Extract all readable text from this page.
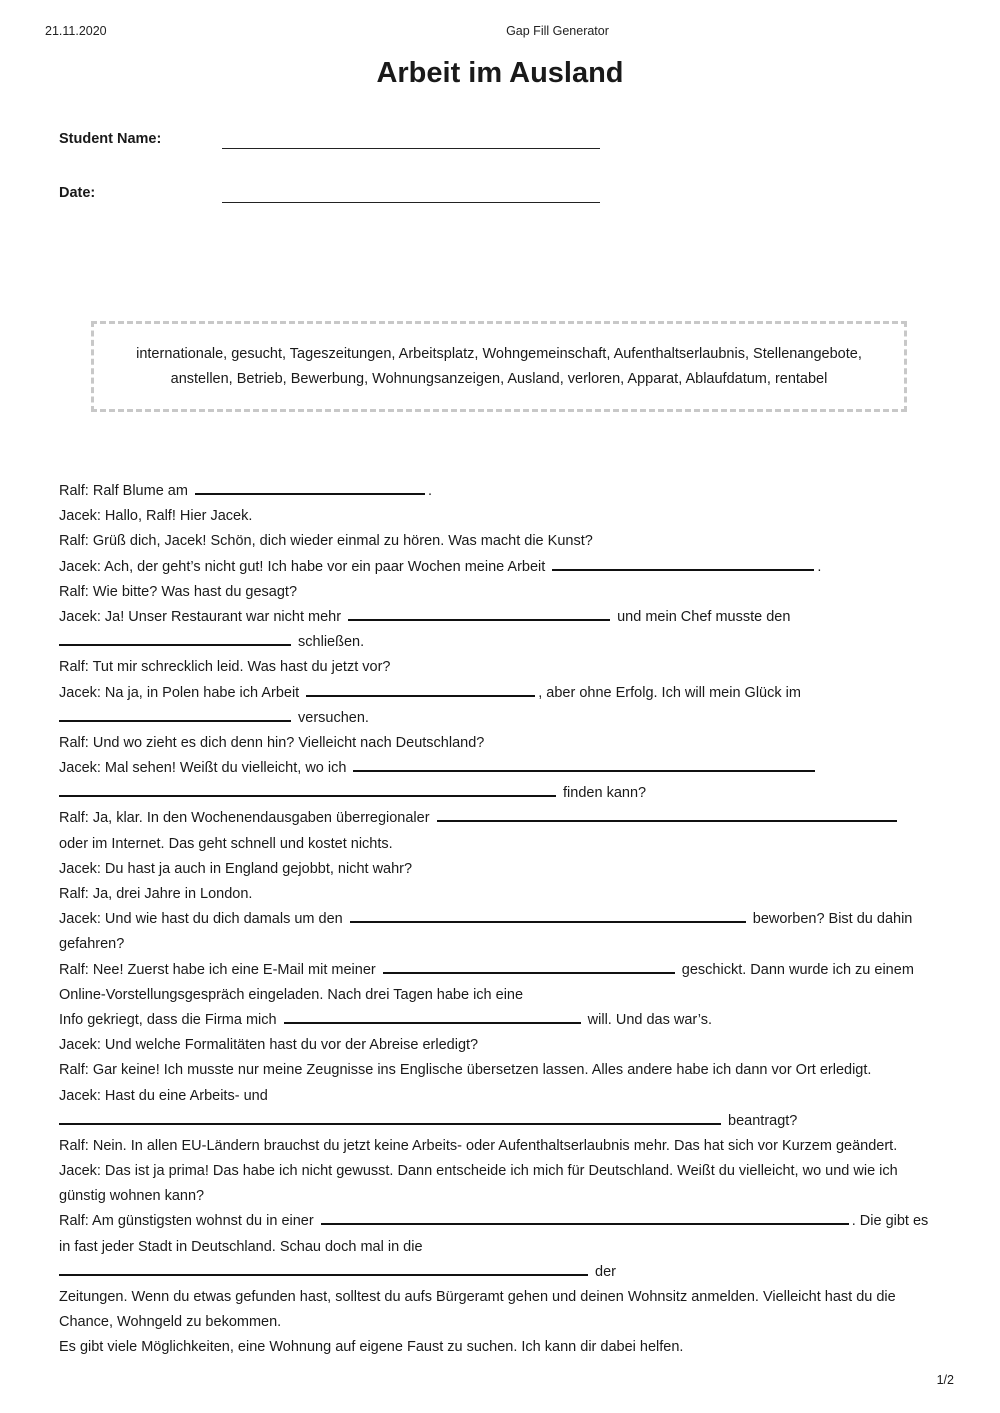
21.11.2020	Gap Fill Generator
Arbeit im Ausland
Student Name:
Date:
internationale, gesucht, Tageszeitungen, Arbeitsplatz, Wohngemeinschaft, Aufenthaltserlaubnis, Stellenangebote,
anstellen, Betrieb, Bewerbung, Wohnungsanzeigen, Ausland, verloren, Apparat, Ablaufdatum, rentabel
Ralf: Ralf Blume am	.
Jacek: Hallo, Ralf! Hier Jacek.
Ralf: Grüß dich, Jacek! Schön, dich wieder einmal zu hören. Was macht die Kunst?
Jacek: Ach, der geht’s nicht gut! Ich habe vor ein paar Wochen meine Arbeit	.
Ralf: Wie bitte? Was hast du gesagt?
Jacek: Ja! Unser Restaurant war nicht mehr	und mein Chef musste den
schließen.
Ralf: Tut mir schrecklich leid. Was hast du jetzt vor?
Jacek: Na ja, in Polen habe ich Arbeit	, aber ohne Erfolg. Ich will mein Glück im
versuchen.
Ralf: Und wo zieht es dich denn hin? Vielleicht nach Deutschland?
Jacek: Mal sehen! Weißt du vielleicht, wo ich
finden kann?
Ralf: Ja, klar. In den Wochenendausgaben überregionaler
oder im Internet. Das geht schnell und kostet nichts.
Jacek: Du hast ja auch in England gejobbt, nicht wahr?
Ralf: Ja, drei Jahre in London.
Jacek: Und wie hast du dich damals um den	beworben? Bist du dahin
gefahren?
Ralf: Nee! Zuerst habe ich eine E-Mail mit meiner	geschickt. Dann wurde ich zu einem
Online-Vorstellungsgespräch eingeladen. Nach drei Tagen habe ich eine
Info gekriegt, dass die Firma mich	will. Und das war’s.
Jacek: Und welche Formalitäten hast du vor der Abreise erledigt?
Ralf: Gar keine! Ich musste nur meine Zeugnisse ins Englische übersetzen lassen. Alles andere habe ich dann vor Ort erledigt.
Jacek: Hast du eine Arbeits- und
beantragt?
Ralf: Nein. In allen EU-Ländern brauchst du jetzt keine Arbeits- oder Aufenthaltserlaubnis mehr. Das hat sich vor Kurzem geändert.
Jacek: Das ist ja prima! Das habe ich nicht gewusst. Dann entscheide ich mich für Deutschland. Weißt du vielleicht, wo und wie ich
günstig wohnen kann?
Ralf: Am günstigsten wohnst du in einer	. Die gibt es
in fast jeder Stadt in Deutschland. Schau doch mal in die
der
Zeitungen. Wenn du etwas gefunden hast, solltest du aufs Bürgeramt gehen und deinen Wohnsitz anmelden. Vielleicht hast du die
Chance, Wohngeld zu bekommen.
Es gibt viele Möglichkeiten, eine Wohnung auf eigene Faust zu suchen. Ich kann dir dabei helfen.
1/2
